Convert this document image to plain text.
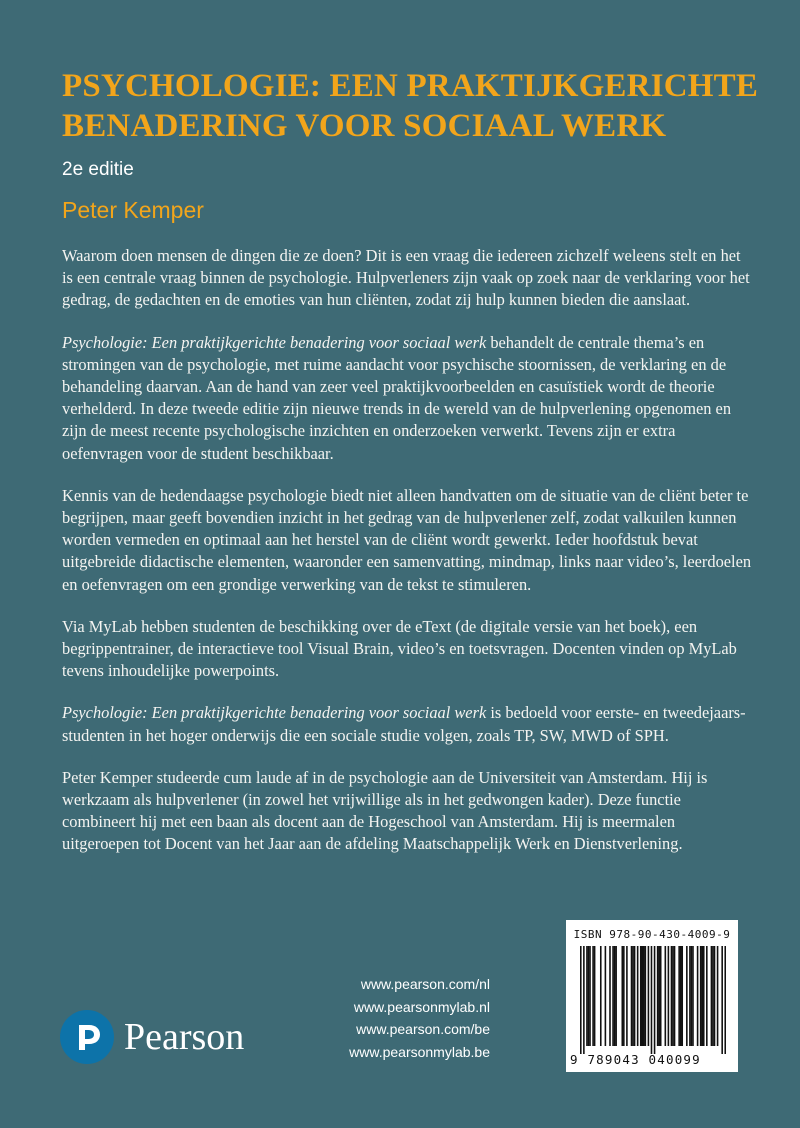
PSYCHOLOGIE: EEN PRAKTIJKGERICHTE
BENADERING VOOR SOCIAAL WERK
2e editie
Peter Kemper

Waarom doen mensen de dingen die ze doen? Dit is een vraag die iedereen zichzelf weleens stelt en het is een centrale vraag binnen de psychologie. Hulpverleners zijn vaak op zoek naar de verklaring voor het gedrag, de gedachten en de emoties van hun cliënten, zodat zij hulp kunnen bieden die aanslaat.

Psychologie: Een praktijkgerichte benadering voor sociaal werk behandelt de centrale thema’s en stromingen van de psychologie, met ruime aandacht voor psychische stoornissen, de verklaring en de behandeling daarvan. Aan de hand van zeer veel praktijkvoorbeelden en casuïstiek wordt de theorie verhelderd. In deze tweede editie zijn nieuwe trends in de wereld van de hulpverlening opgenomen en zijn de meest recente psychologische inzichten en onderzoeken verwerkt. Tevens zijn er extra oefenvragen voor de student beschikbaar.

Kennis van de hedendaagse psychologie biedt niet alleen handvatten om de situatie van de cliënt beter te begrijpen, maar geeft bovendien inzicht in het gedrag van de hulpverlener zelf, zodat valkuilen kunnen worden vermeden en optimaal aan het herstel van de cliënt wordt gewerkt. Ieder hoofdstuk bevat uitgebreide didactische elementen, waaronder een samenvatting, mindmap, links naar video’s, leerdoelen en oefenvragen om een grondige verwerking van de tekst te stimuleren.

Via MyLab hebben studenten de beschikking over de eText (de digitale versie van het boek), een begrippentrainer, de interactieve tool Visual Brain, video’s en toetsvragen. Docenten vinden op MyLab tevens inhoudelijke powerpoints.

Psychologie: Een praktijkgerichte benadering voor sociaal werk is bedoeld voor eerste- en tweedejaars-studenten in het hoger onderwijs die een sociale studie volgen, zoals TP, SW, MWD of SPH.

Peter Kemper studeerde cum laude af in de psychologie aan de Universiteit van Amsterdam. Hij is werkzaam als hulpverlener (in zowel het vrijwillige als in het gedwongen kader). Deze functie combineert hij met een baan als docent aan de Hogeschool van Amsterdam. Hij is meermalen uitgeroepen tot Docent van het Jaar aan de afdeling Maatschappelijk Werk en Dienstverlening.

Pearson
www.pearson.com/nl
www.pearsonmylab.nl
www.pearson.com/be
www.pearsonmylab.be
ISBN 978-90-430-4009-9
9 789043 040099
